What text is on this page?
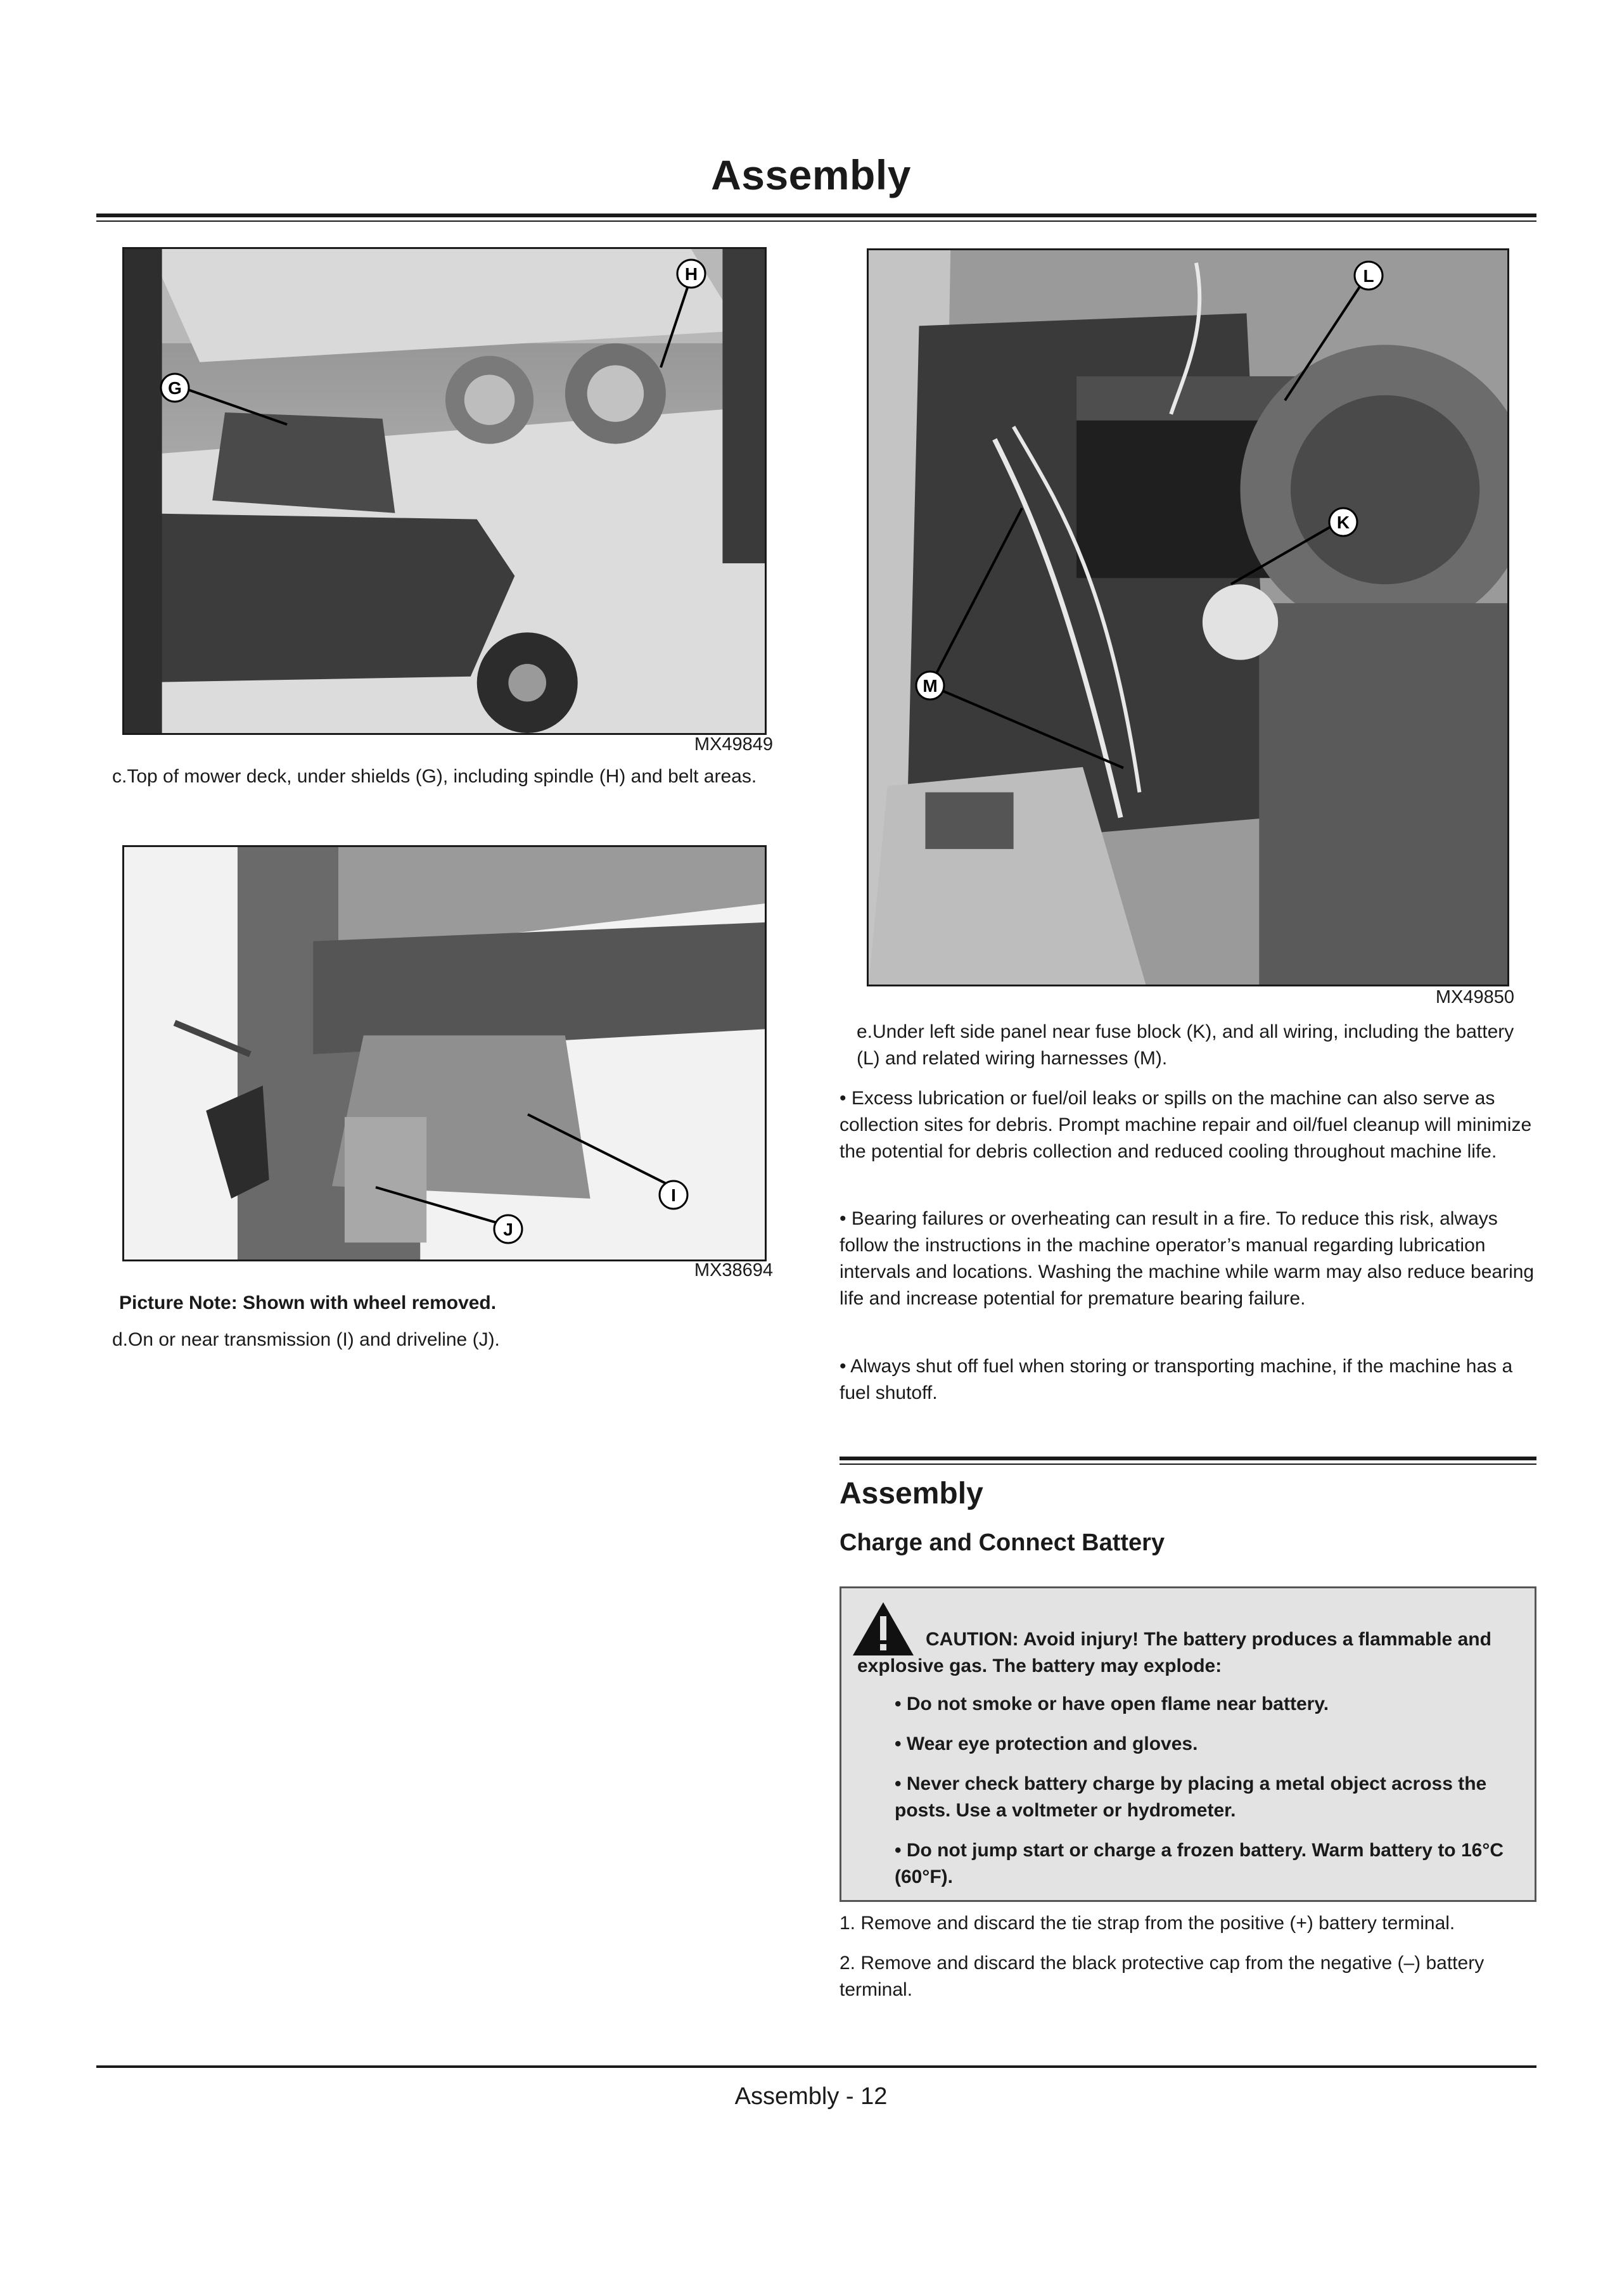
Assembly
H
G
MX49849
c.Top of mower deck, under shields (G), including spindle (H) and belt areas.
I
J
MX38694
Picture Note: Shown with wheel removed.
d.On or near transmission (I) and driveline (J).
L
K
M
MX49850
e.Under left side panel near fuse block (K), and all wiring, including the battery (L) and related wiring harnesses (M).
• Excess lubrication or fuel/oil leaks or spills on the machine can also serve as collection sites for debris. Prompt machine repair and oil/fuel cleanup will minimize the potential for debris collection and reduced cooling throughout machine life.
• Bearing failures or overheating can result in a fire. To reduce this risk, always follow the instructions in the machine operator’s manual regarding lubrication intervals and locations. Washing the machine while warm may also reduce bearing life and increase potential for premature bearing failure.
• Always shut off fuel when storing or transporting machine, if the machine has a fuel shutoff.
Assembly
Charge and Connect Battery
CAUTION: Avoid injury! The battery produces a flammable and explosive gas. The battery may explode:
• Do not smoke or have open flame near battery.
• Wear eye protection and gloves.
• Never check battery charge by placing a metal object across the posts. Use a voltmeter or hydrometer.
• Do not jump start or charge a frozen battery. Warm battery to 16°C (60°F).
1. Remove and discard the tie strap from the positive (+) battery terminal.
2. Remove and discard the black protective cap from the negative (–) battery terminal.
Assembly - 12
